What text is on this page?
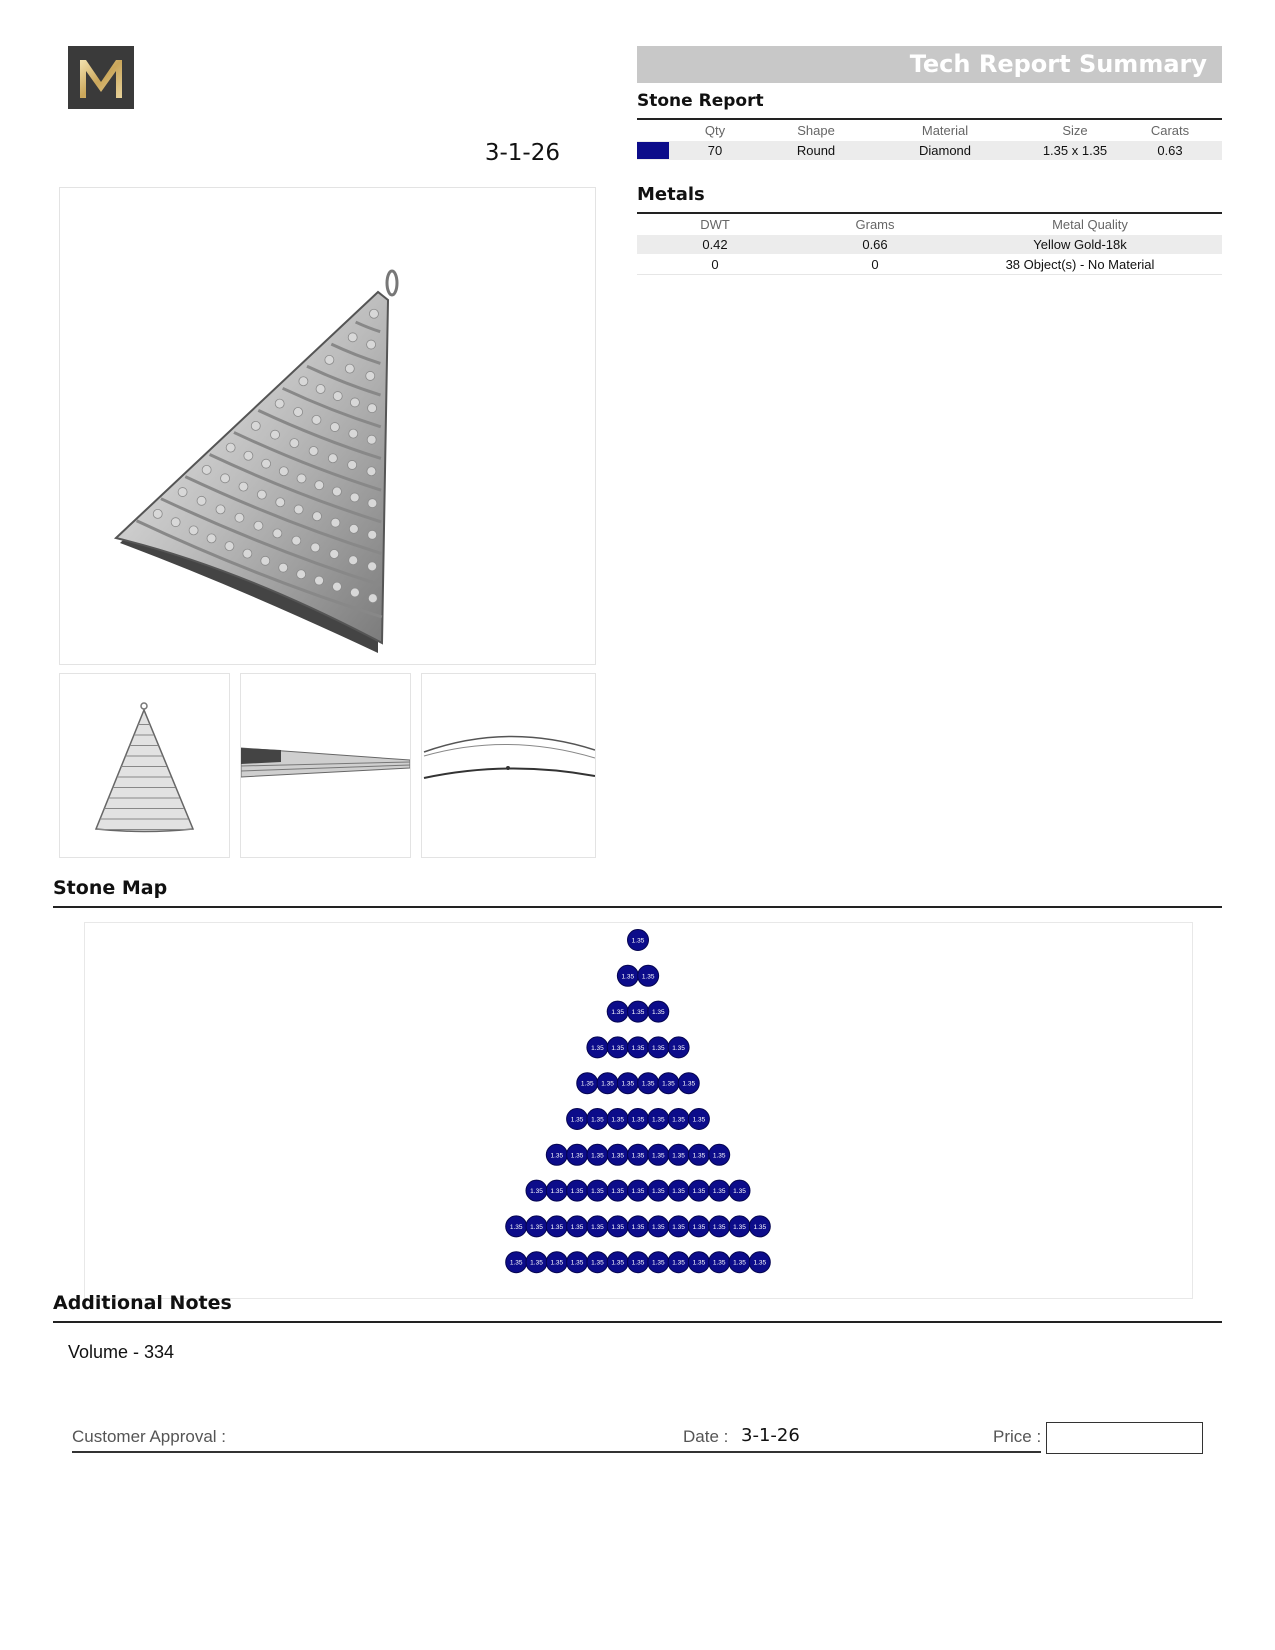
3-1-26
Tech Report Summary
Stone Report
Qty	Shape	Material	Size	Carats
70	Round	Diamond	1.35 x 1.35	0.63
Metals
DWT	Grams	Metal Quality
0.42	0.66	Yellow Gold-18k
0	0	38 Object(s) - No Material
Stone Map
1.35
1.35 1.35
1.35 1.35 1.35
1.35 1.35 1.35 1.35 1.35
1.35 1.35 1.35 1.35 1.35 1.35
1.35 1.35 1.35 1.35 1.35 1.35 1.35
1.35 1.35 1.35 1.35 1.35 1.35 1.35 1.35 1.35
1.35 1.35 1.35 1.35 1.35 1.35 1.35 1.35 1.35 1.35 1.35
1.35 1.35 1.35 1.35 1.35 1.35 1.35 1.35 1.35 1.35 1.35 1.35 1.35
1.35 1.35 1.35 1.35 1.35 1.35 1.35 1.35 1.35 1.35 1.35 1.35 1.35
Additional Notes
Volume - 334
Customer Approval :	Date : 3-1-26	Price :
